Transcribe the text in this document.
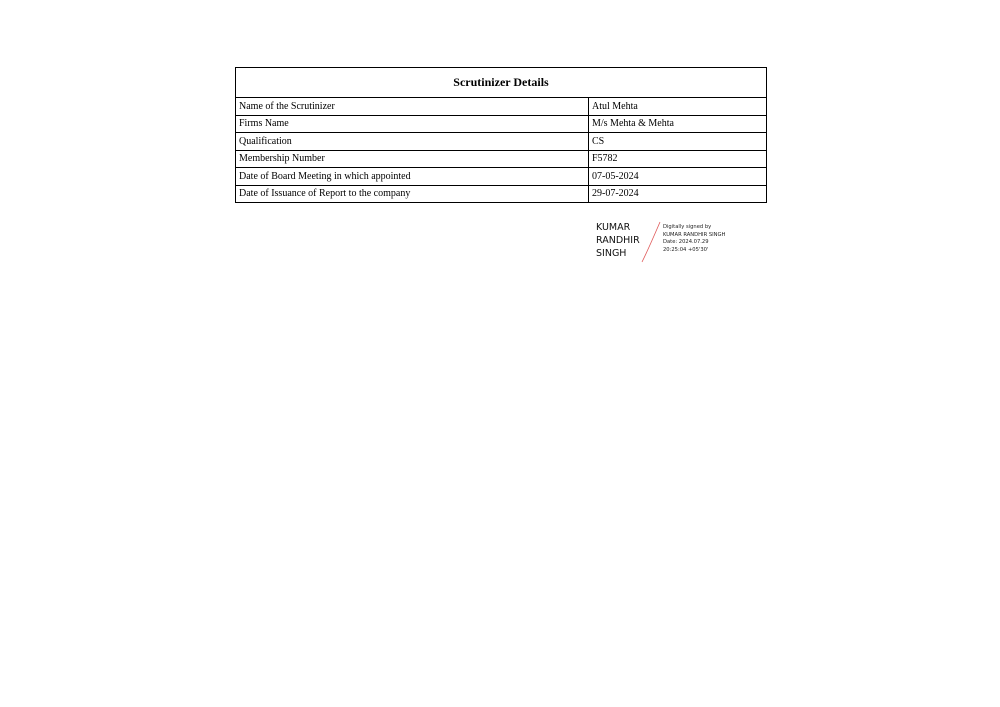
Scrutinizer Details	
Name of the Scrutinizer	Atul Mehta
Firms Name	M/s Mehta & Mehta
Qualification	CS
Membership Number	F5782
Date of Board Meeting in which appointed	07-05-2024
Date of Issuance of Report to the company	29-07-2024
KUMAR
RANDHIR
SINGH
Digitally signed by
KUMAR RANDHIR SINGH
Date: 2024.07.29
20:25:04 +05'30'
